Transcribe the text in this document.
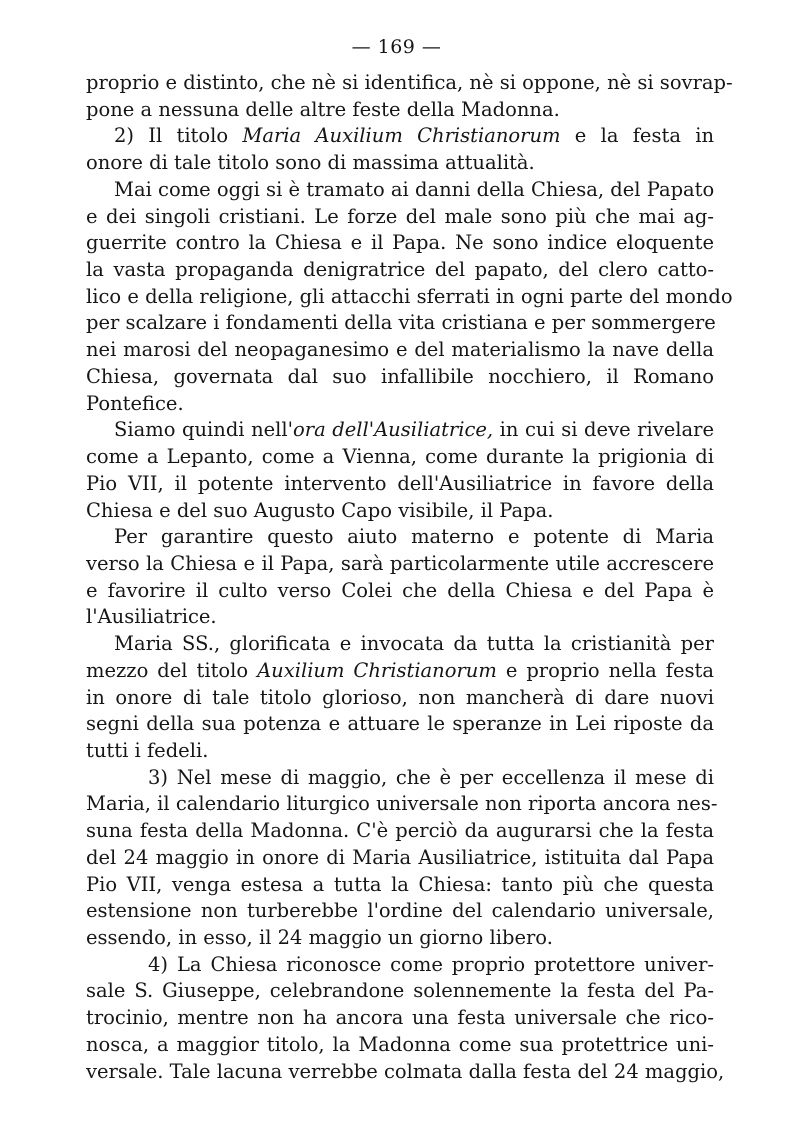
— 169 —
proprio e distinto, che nè si identifica, nè si oppone, nè si sovrap-
pone a nessuna delle altre feste della Madonna.
2) Il titolo Maria Auxilium Christianorum e la festa in
onore di tale titolo sono di massima attualità.
Mai come oggi si è tramato ai danni della Chiesa, del Papato
e dei singoli cristiani. Le forze del male sono più che mai ag-
guerrite contro la Chiesa e il Papa. Ne sono indice eloquente
la vasta propaganda denigratrice del papato, del clero catto-
lico e della religione, gli attacchi sferrati in ogni parte del mondo
per scalzare i fondamenti della vita cristiana e per sommergere
nei marosi del neopaganesimo e del materialismo la nave della
Chiesa, governata dal suo infallibile nocchiero, il Romano
Pontefice.
Siamo quindi nell'ora dell'Ausiliatrice, in cui si deve rivelare
come a Lepanto, come a Vienna, come durante la prigionia di
Pio VII, il potente intervento dell'Ausiliatrice in favore della
Chiesa e del suo Augusto Capo visibile, il Papa.
Per garantire questo aiuto materno e potente di Maria
verso la Chiesa e il Papa, sarà particolarmente utile accrescere
e favorire il culto verso Colei che della Chiesa e del Papa è
l'Ausiliatrice.
Maria SS., glorificata e invocata da tutta la cristianità per
mezzo del titolo Auxilium Christianorum e proprio nella festa
in onore di tale titolo glorioso, non mancherà di dare nuovi
segni della sua potenza e attuare le speranze in Lei riposte da
tutti i fedeli.
3) Nel mese di maggio, che è per eccellenza il mese di
Maria, il calendario liturgico universale non riporta ancora nes-
suna festa della Madonna. C'è perciò da augurarsi che la festa
del 24 maggio in onore di Maria Ausiliatrice, istituita dal Papa
Pio VII, venga estesa a tutta la Chiesa: tanto più che questa
estensione non turberebbe l'ordine del calendario universale,
essendo, in esso, il 24 maggio un giorno libero.
4) La Chiesa riconosce come proprio protettore univer-
sale S. Giuseppe, celebrandone solennemente la festa del Pa-
trocinio, mentre non ha ancora una festa universale che rico-
nosca, a maggior titolo, la Madonna come sua protettrice uni-
versale. Tale lacuna verrebbe colmata dalla festa del 24 maggio,
